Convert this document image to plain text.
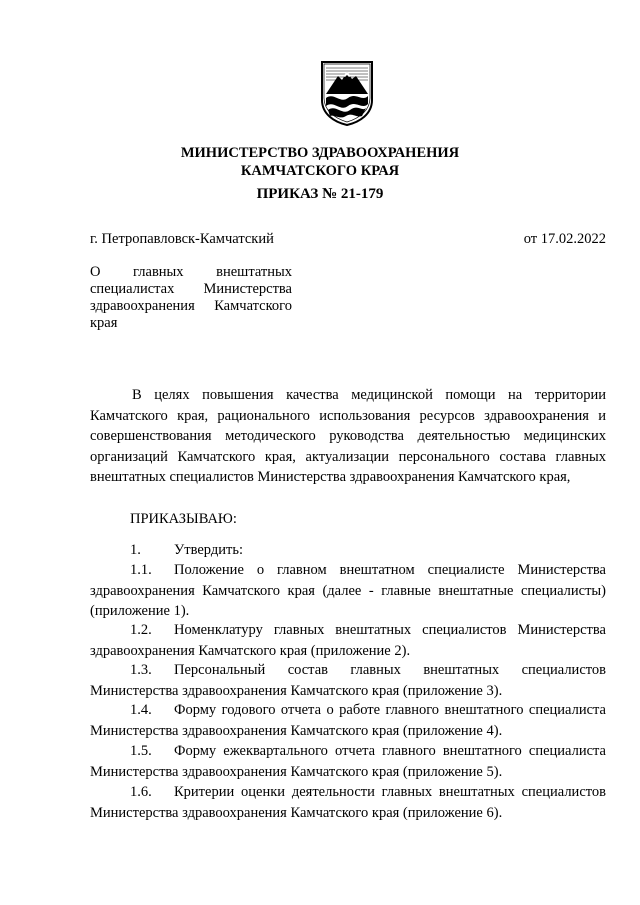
МИНИСТЕРСТВО ЗДРАВООХРАНЕНИЯ
КАМЧАТСКОГО КРАЯ
ПРИКАЗ № 21-179
г. Петропавловск-Камчатский	от 17.02.2022
О главных внештатных специалистах Министерства здравоохранения Камчатского края
В целях повышения качества медицинской помощи на территории Камчатского края, рационального использования ресурсов здравоохранения и совершенствования методического руководства деятельностью медицинских организаций Камчатского края, актуализации персонального состава главных внештатных специалистов Министерства здравоохранения Камчатского края,
ПРИКАЗЫВАЮ:
1. Утвердить:
1.1. Положение о главном внештатном специалисте Министерства здравоохранения Камчатского края (далее - главные внештатные специалисты) (приложение 1).
1.2. Номенклатуру главных внештатных специалистов Министерства здравоохранения Камчатского края (приложение 2).
1.3. Персональный состав главных внештатных специалистов Министерства здравоохранения Камчатского края (приложение 3).
1.4. Форму годового отчета о работе главного внештатного специалиста Министерства здравоохранения Камчатского края (приложение 4).
1.5. Форму ежеквартального отчета главного внештатного специалиста Министерства здравоохранения Камчатского края (приложение 5).
1.6. Критерии оценки деятельности главных внештатных специалистов Министерства здравоохранения Камчатского края (приложение 6).
